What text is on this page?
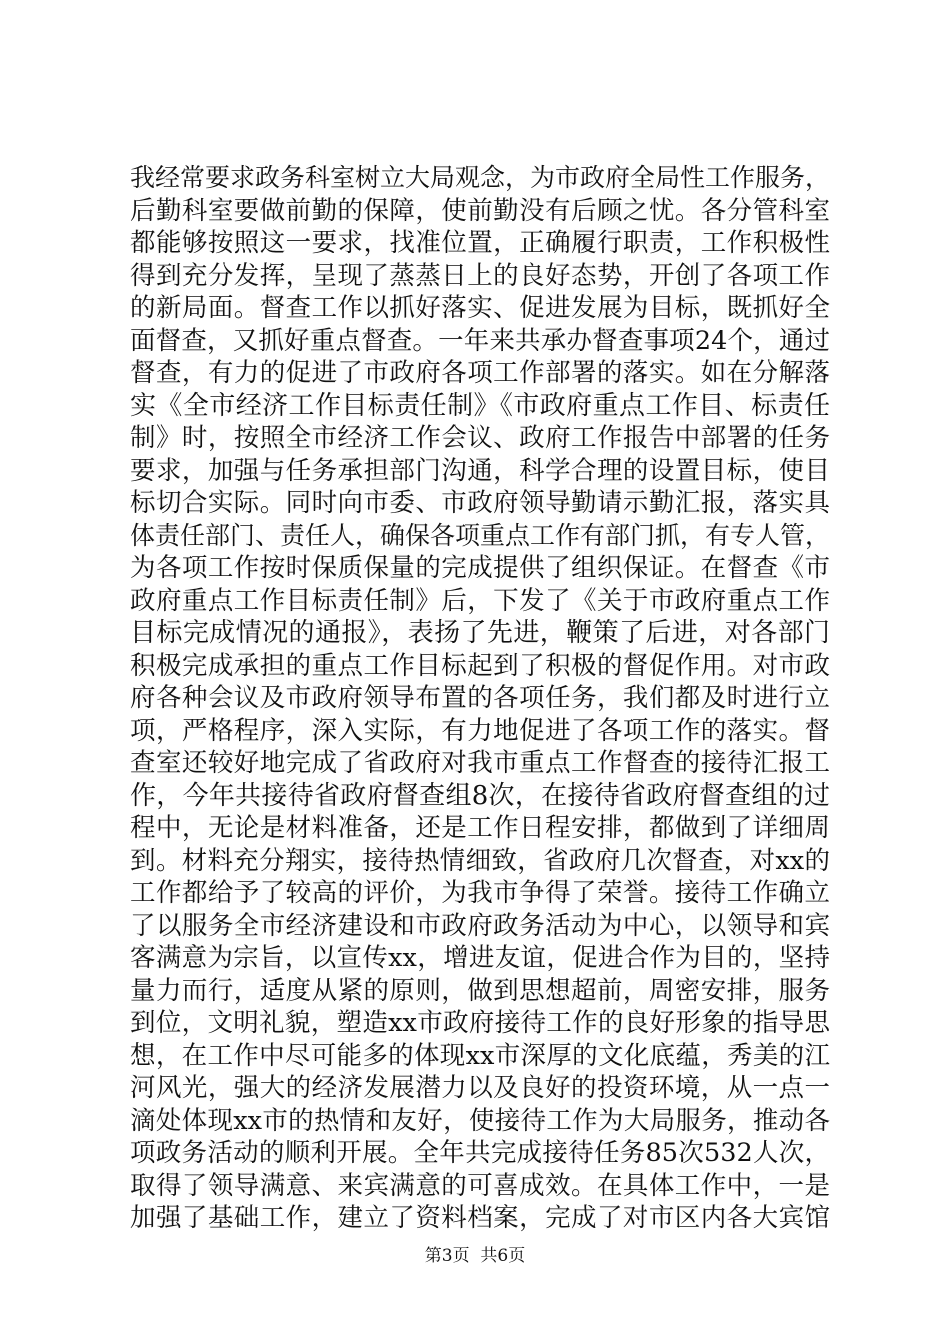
我经常要求政务科室树立大局观念，为市政府全局性工作服务，
后勤科室要做前勤的保障，使前勤没有后顾之忧。各分管科室
都能够按照这一要求，找准位置，正确履行职责，工作积极性
得到充分发挥，呈现了蒸蒸日上的良好态势，开创了各项工作
的新局面。督查工作以抓好落实、促进发展为目标，既抓好全
面督查，又抓好重点督查。一年来共承办督查事项24个，通过
督查，有力的促进了市政府各项工作部署的落实。如在分解落
实《全市经济工作目标责任制》《市政府重点工作目、标责任
制》时，按照全市经济工作会议、政府工作报告中部署的任务
要求，加强与任务承担部门沟通，科学合理的设置目标，使目
标切合实际。同时向市委、市政府领导勤请示勤汇报，落实具
体责任部门、责任人，确保各项重点工作有部门抓，有专人管，
为各项工作按时保质保量的完成提供了组织保证。在督查《市
政府重点工作目标责任制》后，下发了《关于市政府重点工作
目标完成情况的通报》，表扬了先进，鞭策了后进，对各部门
积极完成承担的重点工作目标起到了积极的督促作用。对市政
府各种会议及市政府领导布置的各项任务，我们都及时进行立
项，严格程序，深入实际，有力地促进了各项工作的落实。督
查室还较好地完成了省政府对我市重点工作督查的接待汇报工
作，今年共接待省政府督查组8次，在接待省政府督查组的过
程中，无论是材料准备，还是工作日程安排，都做到了详细周
到。材料充分翔实，接待热情细致，省政府几次督查，对xx的
工作都给予了较高的评价，为我市争得了荣誉。接待工作确立
了以服务全市经济建设和市政府政务活动为中心，以领导和宾
客满意为宗旨，以宣传xx，增进友谊，促进合作为目的，坚持
量力而行，适度从紧的原则，做到思想超前，周密安排，服务
到位，文明礼貌，塑造xx市政府接待工作的良好形象的指导思
想，在工作中尽可能多的体现xx市深厚的文化底蕴，秀美的江
河风光，强大的经济发展潜力以及良好的投资环境，从一点一
滴处体现xx市的热情和友好，使接待工作为大局服务，推动各
项政务活动的顺利开展。全年共完成接待任务85次532人次，
取得了领导满意、来宾满意的可喜成效。在具体工作中，一是
加强了基础工作，建立了资料档案，完成了对市区内各大宾馆
第3页  共6页
